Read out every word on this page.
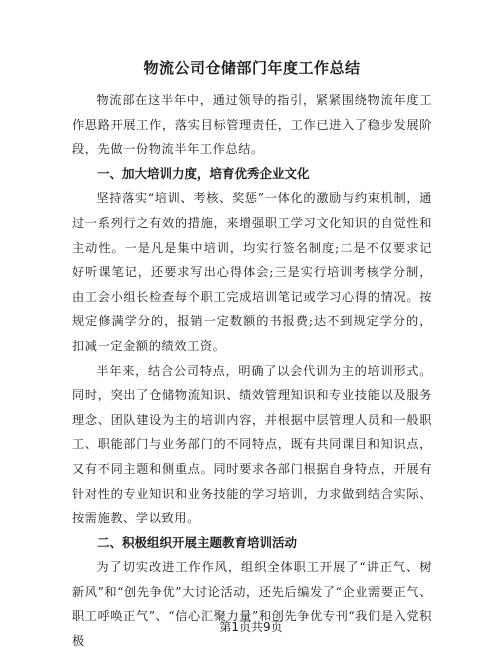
物流公司仓储部门年度工作总结

物流部在这半年中，通过领导的指引，紧紧围绕物流年度工作思路开展工作，落实目标管理责任，工作已进入了稳步发展阶段，先做一份物流半年工作总结。

一、加大培训力度，培育优秀企业文化

坚持落实“培训、考核、奖惩”一体化的激励与约束机制，通过一系列行之有效的措施，来增强职工学习文化知识的自觉性和主动性。一是凡是集中培训，均实行签名制度;二是不仅要求记好听课笔记，还要求写出心得体会;三是实行培训考核学分制，由工会小组长检查每个职工完成培训笔记或学习心得的情况。按规定修满学分的，报销一定数额的书报费;达不到规定学分的，扣减一定金额的绩效工资。

半年来，结合公司特点，明确了以会代训为主的培训形式。同时，突出了仓储物流知识、绩效管理知识和专业技能以及服务理念、团队建设为主的培训内容，并根据中层管理人员和一般职工、职能部门与业务部门的不同特点，既有共同课目和知识点，又有不同主题和侧重点。同时要求各部门根据自身特点，开展有针对性的专业知识和业务技能的学习培训，力求做到结合实际、按需施教、学以致用。

二、积极组织开展主题教育培训活动

为了切实改进工作作风，组织全体职工开展了“讲正气、树新风”和“创先争优”大讨论活动，还先后编发了“企业需要正气、职工呼唤正气”、“信心汇聚力量”和创先争优专刊“我们是入党积极

第1页共9页
